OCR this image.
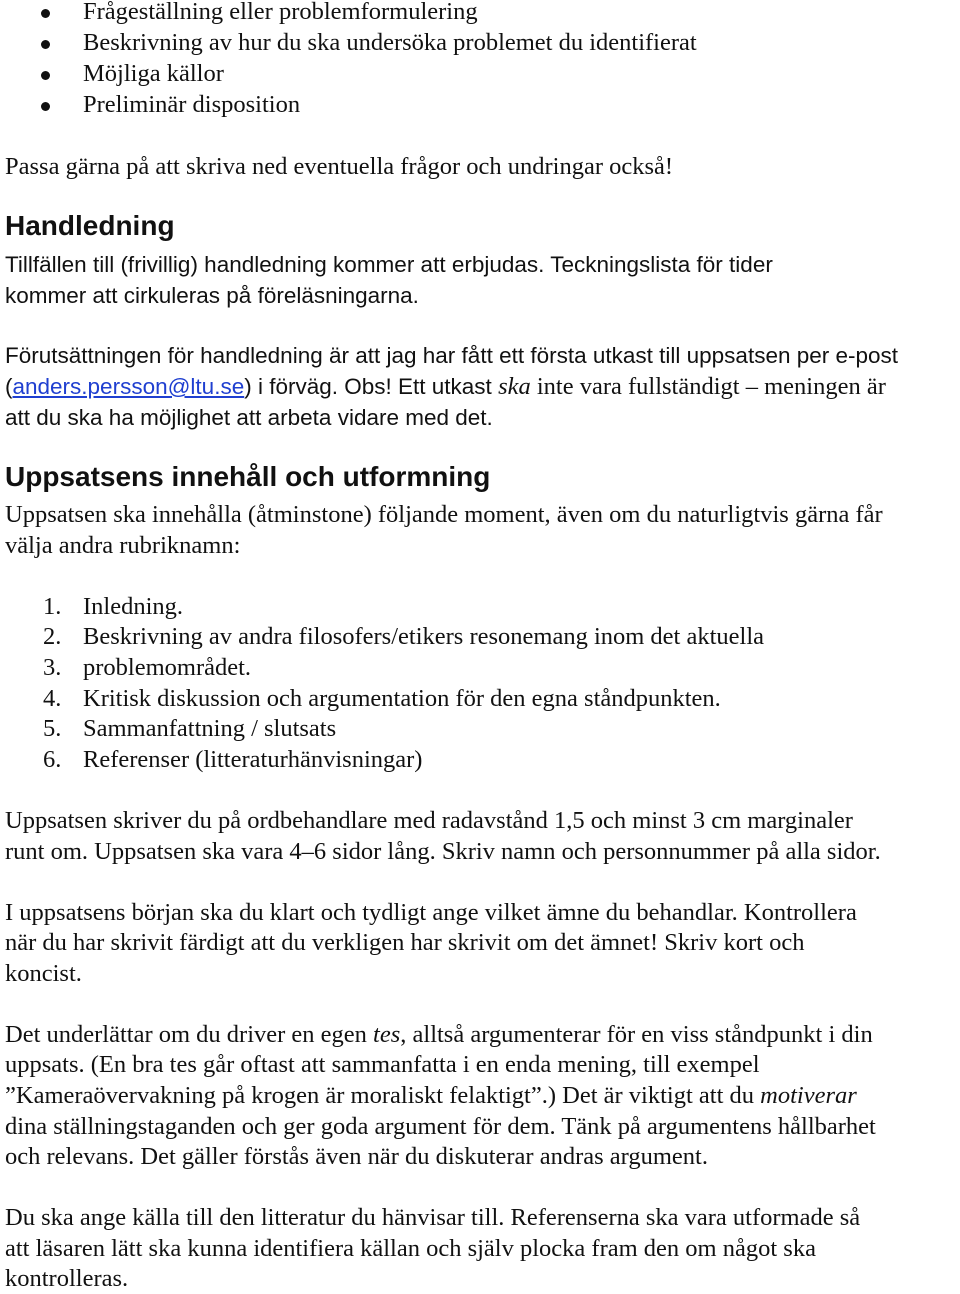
Frågeställning eller problemformulering
Beskrivning av hur du ska undersöka problemet du identifierat
Möjliga källor
Preliminär disposition
Passa gärna på att skriva ned eventuella frågor och undringar också!
Handledning
Tillfällen till (frivillig) handledning kommer att erbjudas. Teckningslista för tider
kommer att cirkuleras på föreläsningarna.
Förutsättningen för handledning är att jag har fått ett första utkast till uppsatsen per e-post
(anders.persson@ltu.se) i förväg. Obs! Ett utkast ska inte vara fullständigt – meningen är
att du ska ha möjlighet att arbeta vidare med det.
Uppsatsens innehåll och utformning
Uppsatsen ska innehålla (åtminstone) följande moment, även om du naturligtvis gärna får
välja andra rubriknamn:
1. Inledning.
2. Beskrivning av andra filosofers/etikers resonemang inom det aktuella
3. problemområdet.
4. Kritisk diskussion och argumentation för den egna ståndpunkten.
5. Sammanfattning / slutsats
6. Referenser (litteraturhänvisningar)
Uppsatsen skriver du på ordbehandlare med radavstånd 1,5 och minst 3 cm marginaler
runt om. Uppsatsen ska vara 4–6 sidor lång. Skriv namn och personnummer på alla sidor.
I uppsatsens början ska du klart och tydligt ange vilket ämne du behandlar. Kontrollera
när du har skrivit färdigt att du verkligen har skrivit om det ämnet! Skriv kort och
koncist.
Det underlättar om du driver en egen tes, alltså argumenterar för en viss ståndpunkt i din
uppsats. (En bra tes går oftast att sammanfatta i en enda mening, till exempel
”Kameraövervakning på krogen är moraliskt felaktigt”.) Det är viktigt att du motiverar
dina ställningstaganden och ger goda argument för dem. Tänk på argumentens hållbarhet
och relevans. Det gäller förstås även när du diskuterar andras argument.
Du ska ange källa till den litteratur du hänvisar till. Referenserna ska vara utformade så
att läsaren lätt ska kunna identifiera källan och själv plocka fram den om något ska
kontrolleras.
